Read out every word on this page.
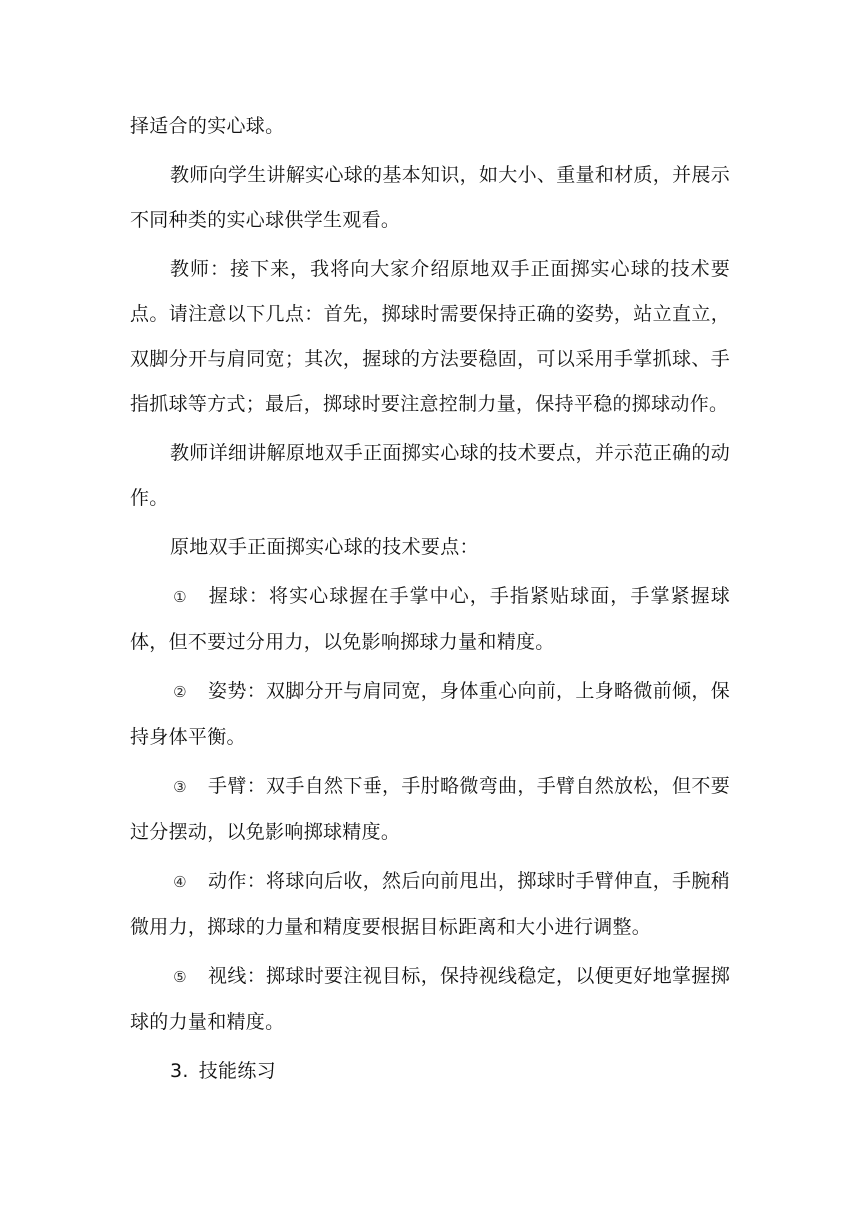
择适合的实心球。

教师向学生讲解实心球的基本知识，如大小、重量和材质，并展示不同种类的实心球供学生观看。

教师：接下来，我将向大家介绍原地双手正面掷实心球的技术要点。请注意以下几点：首先，掷球时需要保持正确的姿势，站立直立，双脚分开与肩同宽；其次，握球的方法要稳固，可以采用手掌抓球、手指抓球等方式；最后，掷球时要注意控制力量，保持平稳的掷球动作。

教师详细讲解原地双手正面掷实心球的技术要点，并示范正确的动作。

原地双手正面掷实心球的技术要点：

① 握球：将实心球握在手掌中心，手指紧贴球面，手掌紧握球体，但不要过分用力，以免影响掷球力量和精度。

② 姿势：双脚分开与肩同宽，身体重心向前，上身略微前倾，保持身体平衡。

③ 手臂：双手自然下垂，手肘略微弯曲，手臂自然放松，但不要过分摆动，以免影响掷球精度。

④ 动作：将球向后收，然后向前甩出，掷球时手臂伸直，手腕稍微用力，掷球的力量和精度要根据目标距离和大小进行调整。

⑤ 视线：掷球时要注视目标，保持视线稳定，以便更好地掌握掷球的力量和精度。

3. 技能练习
